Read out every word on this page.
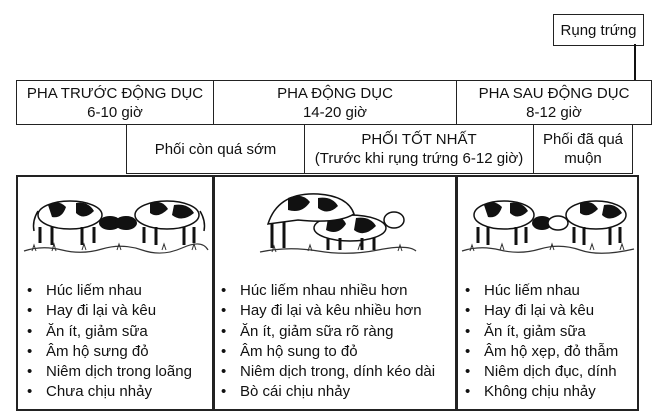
Rụng trứng
PHA TRƯỚC ĐỘNG DỤC
6-10 giờ
PHA ĐỘNG DỤC
14-20 giờ
PHA SAU ĐỘNG DỤC
8-12 giờ
Phối còn quá sớm
PHỐI TỐT NHẤT
(Trước khi rụng trứng 6-12 giờ)
Phối đã quá
muộn
• Húc liếm nhau
• Hay đi lại và kêu
• Ăn ít, giảm sữa
• Âm hộ sưng đỏ
• Niêm dịch trong loãng
• Chưa chịu nhảy
• Húc liếm nhau nhiều hơn
• Hay đi lại và kêu nhiều hơn
• Ăn ít, giảm sữa rõ ràng
• Âm hộ sung to đỏ
• Niêm dịch trong, dính kéo dài
• Bò cái chịu nhảy
• Húc liếm nhau
• Hay đi lại và kêu
• Ăn ít, giảm sữa
• Âm hộ xẹp, đỏ thẫm
• Niêm dịch đục, dính
• Không chịu nhảy
